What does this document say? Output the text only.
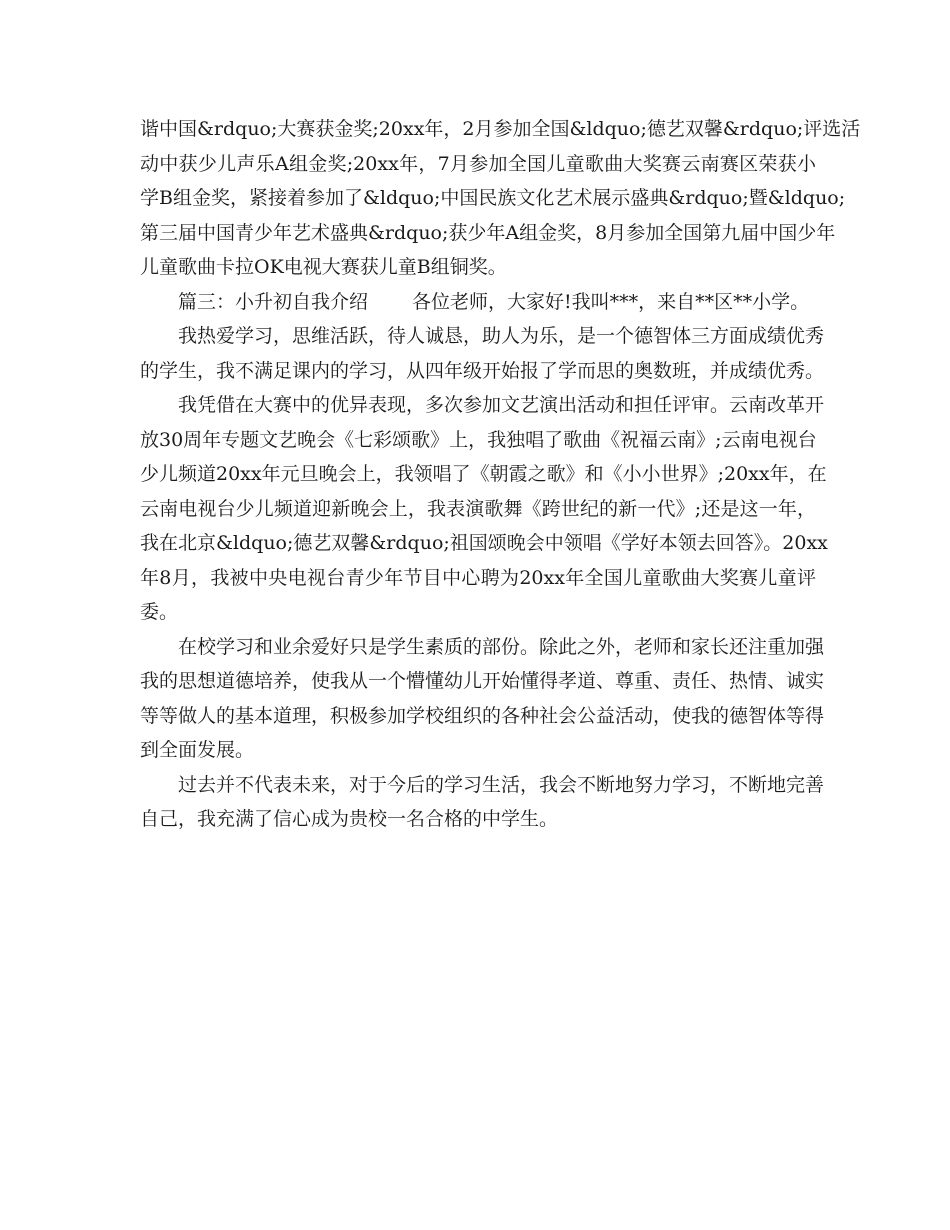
谐中国&rdquo;大赛获金奖;20xx年，2月参加全国&ldquo;德艺双馨&rdquo;评选活
动中获少儿声乐A组金奖;20xx年，7月参加全国儿童歌曲大奖赛云南赛区荣获小
学B组金奖，紧接着参加了&ldquo;中国民族文化艺术展示盛典&rdquo;暨&ldquo;
第三届中国青少年艺术盛典&rdquo;获少年A组金奖，8月参加全国第九届中国少年
儿童歌曲卡拉OK电视大赛获儿童B组铜奖。
篇三：小升初自我介绍　　 各位老师，大家好!我叫***，来自**区**小学。
我热爱学习，思维活跃，待人诚恳，助人为乐，是一个德智体三方面成绩优秀
的学生，我不满足课内的学习，从四年级开始报了学而思的奥数班，并成绩优秀。
我凭借在大赛中的优异表现，多次参加文艺演出活动和担任评审。云南改革开
放30周年专题文艺晚会《七彩颂歌》上，我独唱了歌曲《祝福云南》;云南电视台
少儿频道20xx年元旦晚会上，我领唱了《朝霞之歌》和《小小世界》;20xx年，在
云南电视台少儿频道迎新晚会上，我表演歌舞《跨世纪的新一代》;还是这一年，
我在北京&ldquo;德艺双馨&rdquo;祖国颂晚会中领唱《学好本领去回答》。20xx
年8月，我被中央电视台青少年节目中心聘为20xx年全国儿童歌曲大奖赛儿童评
委。
在校学习和业余爱好只是学生素质的部份。除此之外，老师和家长还注重加强
我的思想道德培养，使我从一个懵懂幼儿开始懂得孝道、尊重、责任、热情、诚实
等等做人的基本道理，积极参加学校组织的各种社会公益活动，使我的德智体等得
到全面发展。
过去并不代表未来，对于今后的学习生活，我会不断地努力学习，不断地完善
自己，我充满了信心成为贵校一名合格的中学生。
